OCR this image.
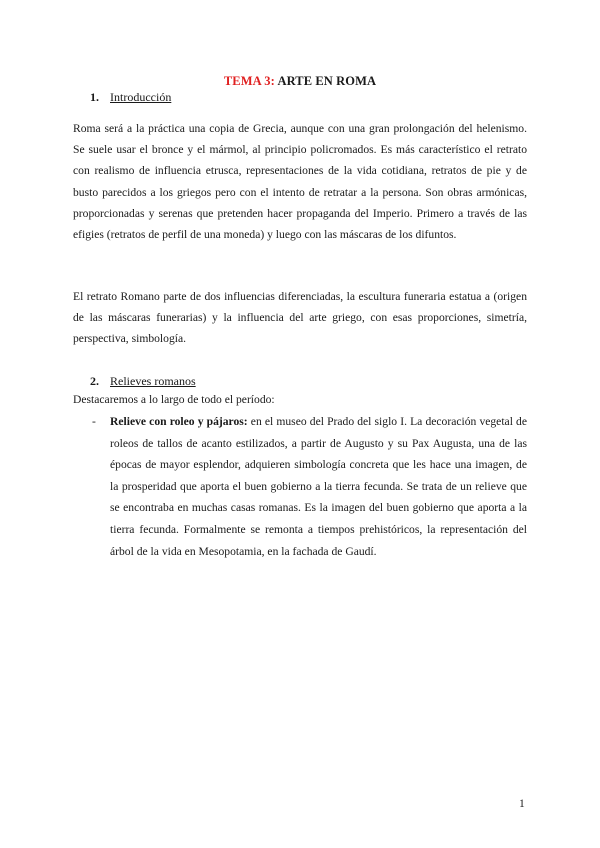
TEMA 3: ARTE EN ROMA
1. Introducción

Roma será a la práctica una copia de Grecia, aunque con una gran prolongación del helenismo. Se suele usar el bronce y el mármol, al principio policromados. Es más característico el retrato con realismo de influencia etrusca, representaciones de la vida cotidiana, retratos de pie y de busto parecidos a los griegos pero con el intento de retratar a la persona. Son obras armónicas, proporcionadas y serenas que pretenden hacer propaganda del Imperio. Primero a través de las efigies (retratos de perfil de una moneda) y luego con las máscaras de los difuntos.

El retrato Romano parte de dos influencias diferenciadas, la escultura funeraria estatua a (origen de las máscaras funerarias) y la influencia del arte griego, con esas proporciones, simetría, perspectiva, simbología.

2. Relieves romanos

Destacaremos a lo largo de todo el período:

- Relieve con roleo y pájaros: en el museo del Prado del siglo I. La decoración vegetal de roleos de tallos de acanto estilizados, a partir de Augusto y su Pax Augusta, una de las épocas de mayor esplendor, adquieren simbología concreta que les hace una imagen, de la prosperidad que aporta el buen gobierno a la tierra fecunda. Se trata de un relieve que se encontraba en muchas casas romanas. Es la imagen del buen gobierno que aporta a la tierra fecunda. Formalmente se remonta a tiempos prehistóricos, la representación del árbol de la vida en Mesopotamia, en la fachada de Gaudí.

1
